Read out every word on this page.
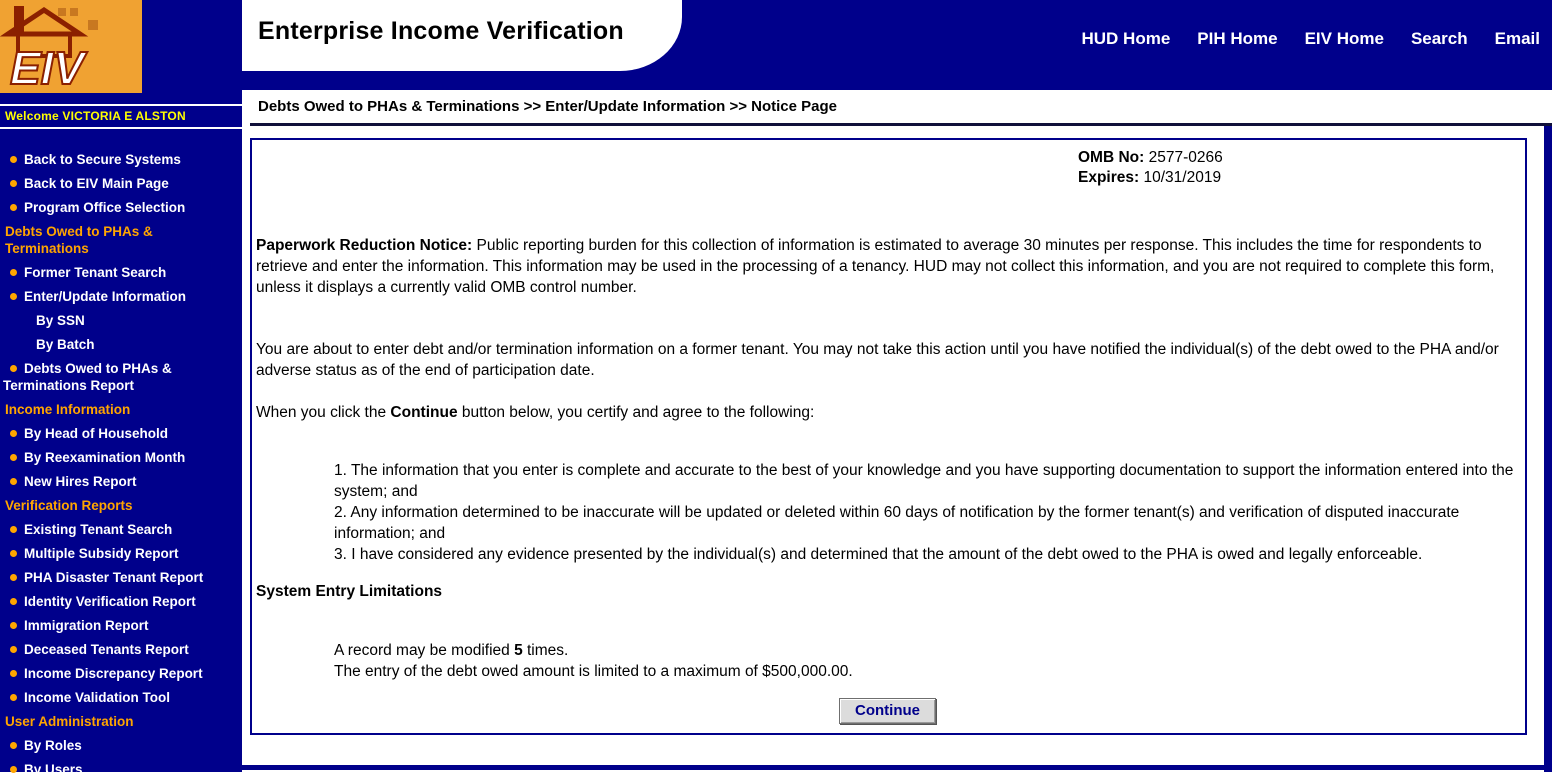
EIV
Welcome VICTORIA E ALSTON
Back to Secure Systems
Back to EIV Main Page
Program Office Selection
Debts Owed to PHAs & Terminations
Former Tenant Search
Enter/Update Information
By SSN
By Batch
Debts Owed to PHAs & Terminations Report
Income Information
By Head of Household
By Reexamination Month
New Hires Report
Verification Reports
Existing Tenant Search
Multiple Subsidy Report
PHA Disaster Tenant Report
Identity Verification Report
Immigration Report
Deceased Tenants Report
Income Discrepancy Report
Income Validation Tool
User Administration
By Roles
By Users
Enterprise Income Verification	HUD Home PIH Home EIV Home Search Email
Debts Owed to PHAs & Terminations >> Enter/Update Information >> Notice Page
OMB No: 2577-0266
Expires: 10/31/2019

Paperwork Reduction Notice: Public reporting burden for this collection of information is estimated to average 30 minutes per response. This includes the time for respondents to retrieve and enter the information. This information may be used in the processing of a tenancy. HUD may not collect this information, and you are not required to complete this form, unless it displays a currently valid OMB control number.

You are about to enter debt and/or termination information on a former tenant. You may not take this action until you have notified the individual(s) of the debt owed to the PHA and/or adverse status as of the end of participation date.

When you click the Continue button below, you certify and agree to the following:

1. The information that you enter is complete and accurate to the best of your knowledge and you have supporting documentation to support the information entered into the system; and
2. Any information determined to be inaccurate will be updated or deleted within 60 days of notification by the former tenant(s) and verification of disputed inaccurate information; and
3. I have considered any evidence presented by the individual(s) and determined that the amount of the debt owed to the PHA is owed and legally enforceable.

System Entry Limitations

A record may be modified 5 times.
The entry of the debt owed amount is limited to a maximum of $500,000.00.
Continue
